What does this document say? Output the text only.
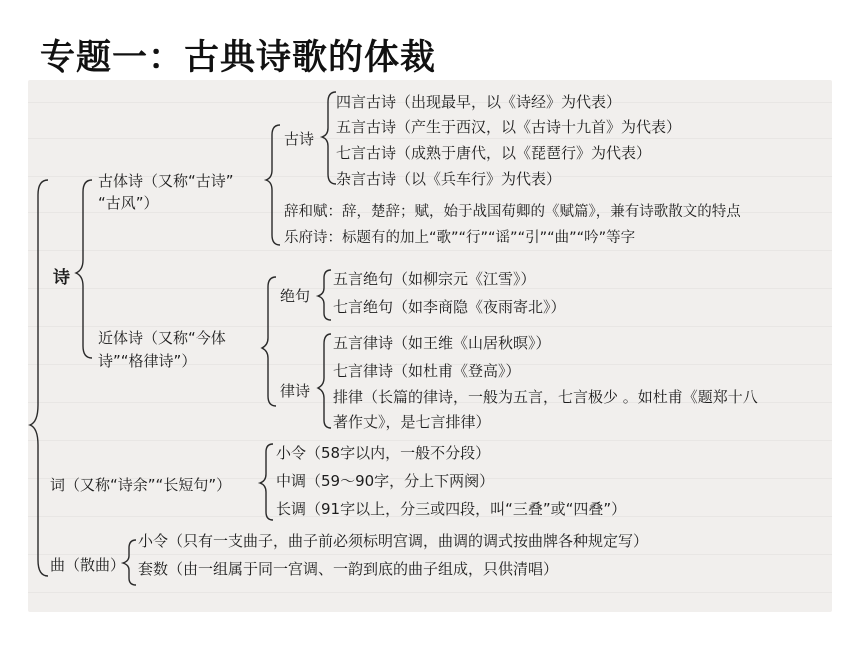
专题一：古典诗歌的体裁
诗
古体诗（又称“古诗”
“古风”）
古诗
四言古诗（出现最早，以《诗经》为代表）
五言古诗（产生于西汉，以《古诗十九首》为代表）
七言古诗（成熟于唐代，以《琵琶行》为代表）
杂言古诗（以《兵车行》为代表）
辞和赋：辞，楚辞；赋，始于战国荀卿的《赋篇》，兼有诗歌散文的特点
乐府诗：标题有的加上“歌”“行”“谣”“引”“曲”“吟”等字
近体诗（又称“今体
诗”“格律诗”）
绝句
五言绝句（如柳宗元《江雪》）
七言绝句（如李商隐《夜雨寄北》）
律诗
五言律诗（如王维《山居秋暝》）
七言律诗（如杜甫《登高》）
排律（长篇的律诗，一般为五言，七言极少 。如杜甫《题郑十八
著作丈》，是七言排律）
词（又称“诗余”“长短句”）
小令（58字以内，一般不分段）
中调（59～90字，分上下两阕）
长调（91字以上，分三或四段，叫“三叠”或“四叠”）
曲（散曲）
小令（只有一支曲子，曲子前必须标明宫调，曲调的调式按曲牌各种规定写）
套数（由一组属于同一宫调、一韵到底的曲子组成，只供清唱）
